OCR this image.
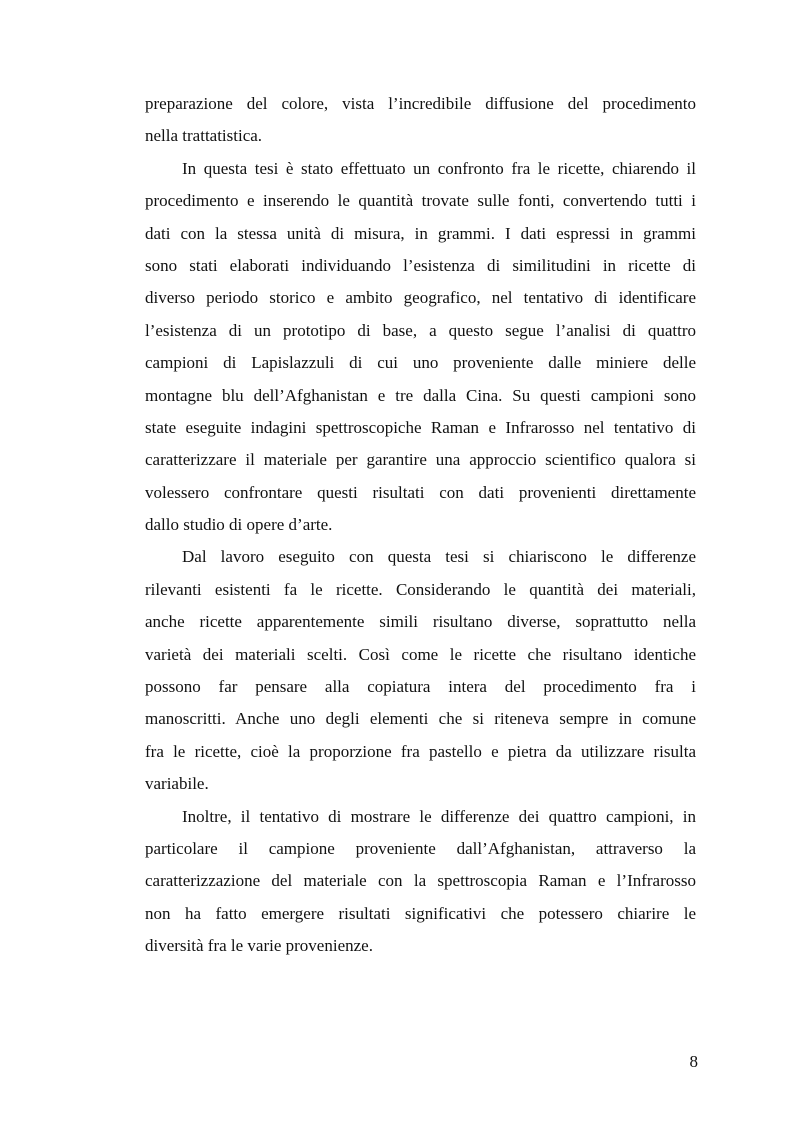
preparazione del colore, vista l’incredibile diffusione del procedimento
nella trattatistica.
In questa tesi è stato effettuato un confronto fra le ricette, chiarendo il
procedimento e inserendo le quantità trovate sulle fonti, convertendo tutti i
dati con la stessa unità di misura, in grammi. I dati espressi in grammi
sono stati elaborati individuando l’esistenza di similitudini in ricette di
diverso periodo storico e ambito geografico, nel tentativo di identificare
l’esistenza di un prototipo di base, a questo segue l’analisi di quattro
campioni di Lapislazzuli di cui uno proveniente dalle miniere delle
montagne blu dell’Afghanistan e tre dalla Cina. Su questi campioni sono
state eseguite indagini spettroscopiche Raman e Infrarosso nel tentativo di
caratterizzare il materiale per garantire una approccio scientifico qualora si
volessero confrontare questi risultati con dati provenienti direttamente
dallo studio di opere d’arte.
Dal lavoro eseguito con questa tesi si chiariscono le differenze
rilevanti esistenti fa le ricette. Considerando le quantità dei materiali,
anche ricette apparentemente simili risultano diverse, soprattutto nella
varietà dei materiali scelti. Così come le ricette che risultano identiche
possono far pensare alla copiatura intera del procedimento fra i
manoscritti. Anche uno degli elementi che si riteneva sempre in comune
fra le ricette, cioè la proporzione fra pastello e pietra da utilizzare risulta
variabile.
Inoltre, il tentativo di mostrare le differenze dei quattro campioni, in
particolare il campione proveniente dall’Afghanistan, attraverso la
caratterizzazione del materiale con la spettroscopia Raman e l’Infrarosso
non ha fatto emergere risultati significativi che potessero chiarire le
diversità fra le varie provenienze.
8
